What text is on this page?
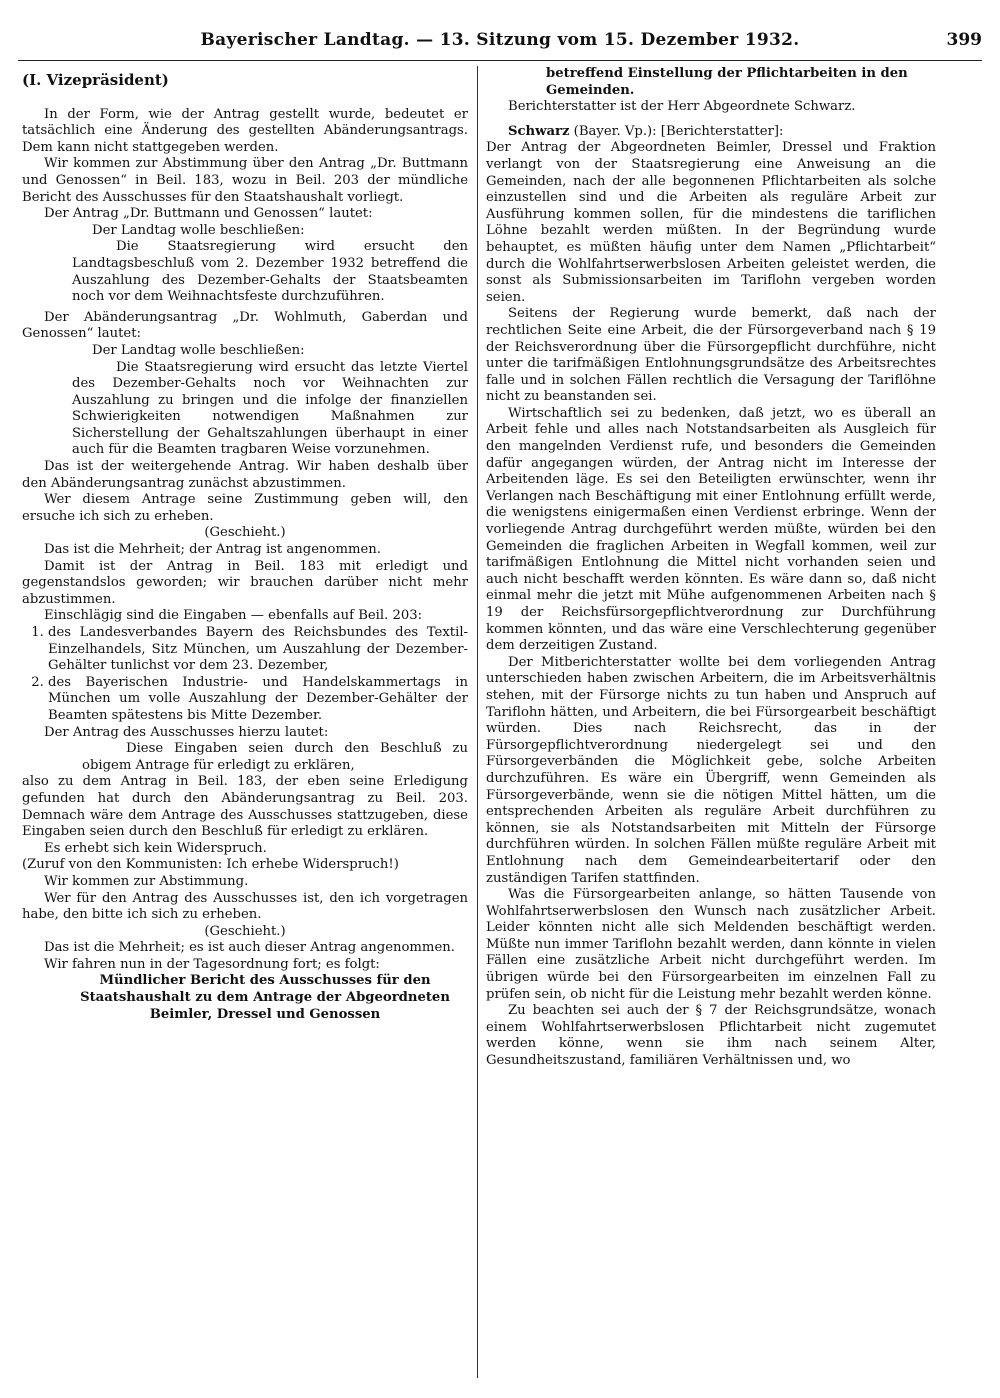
Bayerischer Landtag. — 13. Sitzung vom 15. Dezember 1932.	399

(I. Vizepräsident)

In der Form, wie der Antrag gestellt wurde, bedeutet er tatsächlich eine Änderung des gestellten Abänderungsantrags. Dem kann nicht stattgegeben werden.

Wir kommen zur Abstimmung über den Antrag „Dr. Buttmann und Genossen“ in Beil. 183, wozu in Beil. 203 der mündliche Bericht des Ausschusses für den Staatshaushalt vorliegt.

Der Antrag „Dr. Buttmann und Genossen“ lautet:

Der Landtag wolle beschließen:

Die Staatsregierung wird ersucht den Landtagsbeschluß vom 2. Dezember 1932 betreffend die Auszahlung des Dezember-Gehalts der Staatsbeamten noch vor dem Weihnachtsfeste durchzuführen.

Der Abänderungsantrag „Dr. Wohlmuth, Gaberdan und Genossen“ lautet:

Der Landtag wolle beschließen:

Die Staatsregierung wird ersucht das letzte Viertel des Dezember-Gehalts noch vor Weihnachten zur Auszahlung zu bringen und die infolge der finanziellen Schwierigkeiten notwendigen Maßnahmen zur Sicherstellung der Gehaltszahlungen überhaupt in einer auch für die Beamten tragbaren Weise vorzunehmen.

Das ist der weitergehende Antrag. Wir haben deshalb über den Abänderungsantrag zunächst abzustimmen.

Wer diesem Antrage seine Zustimmung geben will, den ersuche ich sich zu erheben.

(Geschieht.)

Das ist die Mehrheit; der Antrag ist angenommen.

Damit ist der Antrag in Beil. 183 mit erledigt und gegenstandslos geworden; wir brauchen darüber nicht mehr abzustimmen.

Einschlägig sind die Eingaben — ebenfalls auf Beil. 203:

1. des Landesverbandes Bayern des Reichsbundes des Textil-Einzelhandels, Sitz München, um Auszahlung der Dezember-Gehälter tunlichst vor dem 23. Dezember,
2. des Bayerischen Industrie- und Handelskammertags in München um volle Auszahlung der Dezember-Gehälter der Beamten spätestens bis Mitte Dezember.

Der Antrag des Ausschusses hierzu lautet:

Diese Eingaben seien durch den Beschluß zu obigem Antrage für erledigt zu erklären,

also zu dem Antrag in Beil. 183, der eben seine Erledigung gefunden hat durch den Abänderungsantrag zu Beil. 203. Demnach wäre dem Antrage des Ausschusses stattzugeben, diese Eingaben seien durch den Beschluß für erledigt zu erklären.

Es erhebt sich kein Widerspruch.

(Zuruf von den Kommunisten: Ich erhebe Widerspruch!)

Wir kommen zur Abstimmung.

Wer für den Antrag des Ausschusses ist, den ich vorgetragen habe, den bitte ich sich zu erheben.

(Geschieht.)

Das ist die Mehrheit; es ist auch dieser Antrag angenommen.

Wir fahren nun in der Tagesordnung fort; es folgt:

Mündlicher Bericht des Ausschusses für den Staatshaushalt zu dem Antrage der Abgeordneten Beimler, Dressel und Genossen

betreffend Einstellung der Pflichtarbeiten in den Gemeinden.

Berichterstatter ist der Herr Abgeordnete Schwarz.

Schwarz (Bayer. Vp.): [Berichterstatter]:

Der Antrag der Abgeordneten Beimler, Dressel und Fraktion verlangt von der Staatsregierung eine Anweisung an die Gemeinden, nach der alle begonnenen Pflichtarbeiten als solche einzustellen sind und die Arbeiten als reguläre Arbeit zur Ausführung kommen sollen, für die mindestens die tariflichen Löhne bezahlt werden müßten. In der Begründung wurde behauptet, es müßten häufig unter dem Namen „Pflichtarbeit“ durch die Wohlfahrtserwerbslosen Arbeiten geleistet werden, die sonst als Submissionsarbeiten im Tariflohn vergeben worden seien.

Seitens der Regierung wurde bemerkt, daß nach der rechtlichen Seite eine Arbeit, die der Fürsorgeverband nach § 19 der Reichsverordnung über die Fürsorgepflicht durchführe, nicht unter die tarifmäßigen Entlohnungsgrundsätze des Arbeitsrechtes falle und in solchen Fällen rechtlich die Versagung der Tariflöhne nicht zu beanstanden sei.

Wirtschaftlich sei zu bedenken, daß jetzt, wo es überall an Arbeit fehle und alles nach Notstandsarbeiten als Ausgleich für den mangelnden Verdienst rufe, und besonders die Gemeinden dafür angegangen würden, der Antrag nicht im Interesse der Arbeitenden läge. Es sei den Beteiligten erwünschter, wenn ihr Verlangen nach Beschäftigung mit einer Entlohnung erfüllt werde, die wenigstens einigermaßen einen Verdienst erbringe. Wenn der vorliegende Antrag durchgeführt werden müßte, würden bei den Gemeinden die fraglichen Arbeiten in Wegfall kommen, weil zur tarifmäßigen Entlohnung die Mittel nicht vorhanden seien und auch nicht beschafft werden könnten. Es wäre dann so, daß nicht einmal mehr die jetzt mit Mühe aufgenommenen Arbeiten nach § 19 der Reichsfürsorgepflichtverordnung zur Durchführung kommen könnten, und das wäre eine Verschlechterung gegenüber dem derzeitigen Zustand.

Der Mitberichterstatter wollte bei dem vorliegenden Antrag unterschieden haben zwischen Arbeitern, die im Arbeitsverhältnis stehen, mit der Fürsorge nichts zu tun haben und Anspruch auf Tariflohn hätten, und Arbeitern, die bei Fürsorgearbeit beschäftigt würden. Dies nach Reichsrecht, das in der Fürsorgepflichtverordnung niedergelegt sei und den Fürsorgeverbänden die Möglichkeit gebe, solche Arbeiten durchzuführen. Es wäre ein Übergriff, wenn Gemeinden als Fürsorgeverbände, wenn sie die nötigen Mittel hätten, um die entsprechenden Arbeiten als reguläre Arbeit durchführen zu können, sie als Notstandsarbeiten mit Mitteln der Fürsorge durchführen würden. In solchen Fällen müßte reguläre Arbeit mit Entlohnung nach dem Gemeindearbeitertarif oder den zuständigen Tarifen stattfinden.

Was die Fürsorgearbeiten anlange, so hätten Tausende von Wohlfahrtserwerbslosen den Wunsch nach zusätzlicher Arbeit. Leider könnten nicht alle sich Meldenden beschäftigt werden. Müßte nun immer Tariflohn bezahlt werden, dann könnte in vielen Fällen eine zusätzliche Arbeit nicht durchgeführt werden. Im übrigen würde bei den Fürsorgearbeiten im einzelnen Fall zu prüfen sein, ob nicht für die Leistung mehr bezahlt werden könne.

Zu beachten sei auch der § 7 der Reichsgrundsätze, wonach einem Wohlfahrtserwerbslosen Pflichtarbeit nicht zugemutet werden könne, wenn sie ihm nach seinem Alter, Gesundheitszustand, familiären Verhältnissen und, wo
